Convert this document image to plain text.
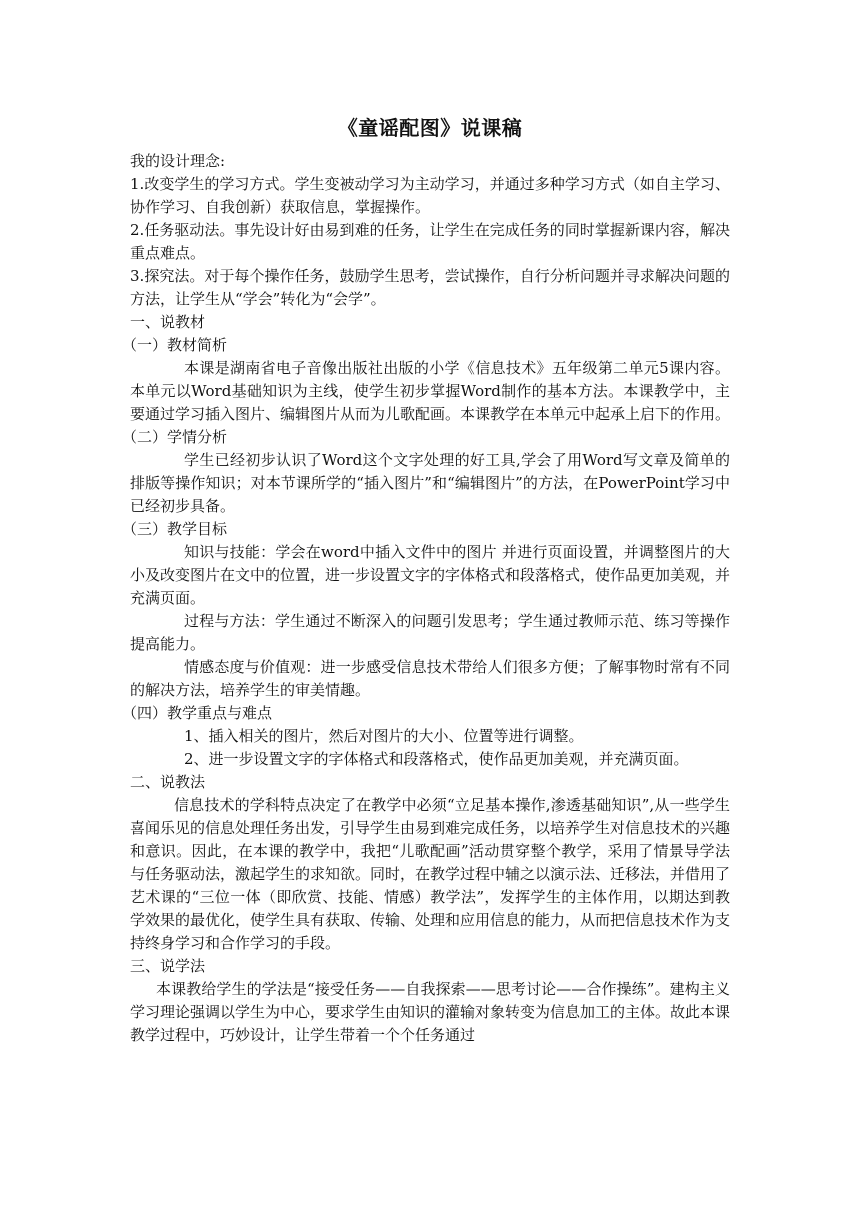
《童谣配图》说课稿

我的设计理念:

1.改变学生的学习方式。学生变被动学习为主动学习，并通过多种学习方式（如自主学习、协作学习、自我创新）获取信息，掌握操作。

2.任务驱动法。事先设计好由易到难的任务，让学生在完成任务的同时掌握新课内容，解决重点难点。

3.探究法。对于每个操作任务，鼓励学生思考，尝试操作，自行分析问题并寻求解决问题的方法，让学生从“学会”转化为“会学”。

一、说教材

（一）教材简析

本课是湖南省电子音像出版社出版的小学《信息技术》五年级第二单元5课内容。本单元以Word基础知识为主线，使学生初步掌握Word制作的基本方法。本课教学中，主要通过学习插入图片、编辑图片从而为儿歌配画。本课教学在本单元中起承上启下的作用。

（二）学情分析

学生已经初步认识了Word这个文字处理的好工具,学会了用Word写文章及简单的排版等操作知识；对本节课所学的“插入图片”和“编辑图片”的方法，在PowerPoint学习中已经初步具备。

（三）教学目标

知识与技能：学会在word中插入文件中的图片 并进行页面设置，并调整图片的大小及改变图片在文中的位置，进一步设置文字的字体格式和段落格式，使作品更加美观，并充满页面。

过程与方法：学生通过不断深入的问题引发思考；学生通过教师示范、练习等操作提高能力。

情感态度与价值观：进一步感受信息技术带给人们很多方便；了解事物时常有不同的解决方法，培养学生的审美情趣。

（四）教学重点与难点

1、插入相关的图片，然后对图片的大小、位置等进行调整。

2、进一步设置文字的字体格式和段落格式，使作品更加美观，并充满页面。

二、说教法

信息技术的学科特点决定了在教学中必须“立足基本操作,渗透基础知识”,从一些学生喜闻乐见的信息处理任务出发，引导学生由易到难完成任务，以培养学生对信息技术的兴趣和意识。因此，在本课的教学中，我把“儿歌配画”活动贯穿整个教学，采用了情景导学法与任务驱动法，激起学生的求知欲。同时，在教学过程中辅之以演示法、迁移法，并借用了艺术课的“三位一体（即欣赏、技能、情感）教学法”，发挥学生的主体作用，以期达到教学效果的最优化，使学生具有获取、传输、处理和应用信息的能力，从而把信息技术作为支持终身学习和合作学习的手段。

三、说学法

本课教给学生的学法是“接受任务——自我探索——思考讨论——合作操练”。建构主义学习理论强调以学生为中心，要求学生由知识的灌输对象转变为信息加工的主体。故此本课教学过程中，巧妙设计，让学生带着一个个任务通过
